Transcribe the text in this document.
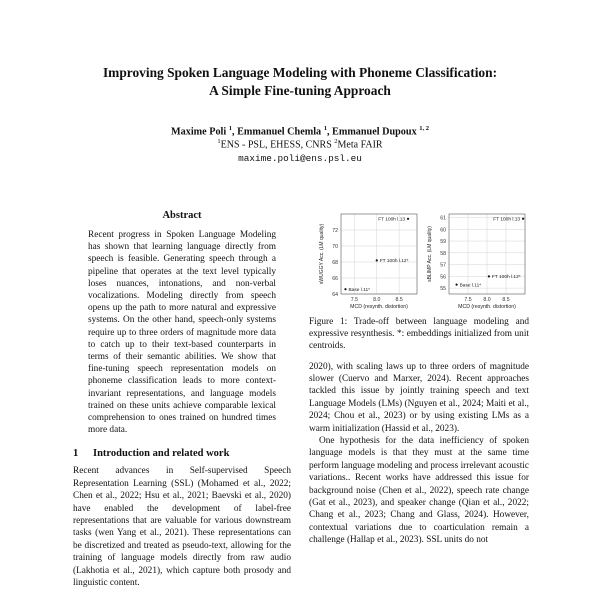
Improving Spoken Language Modeling with Phoneme Classification:
A Simple Fine-tuning Approach

Maxime Poli $^1$, Emmanuel Chemla $^1$, Emmanuel Dupoux $^{1, 2}$

$^1$ENS - PSL, EHESS, CNRS $^2$Meta FAIR
maxime.poli@ens.psl.eu

Abstract

Recent progress in Spoken Language Modeling has shown that learning language directly from speech is feasible. Generating speech through a pipeline that operates at the text level typically loses nuances, intonations, and non-verbal vocalizations. Modeling directly from speech opens up the path to more natural and expressive systems. On the other hand, speech-only systems require up to three orders of magnitude more data to catch up to their text-based counterparts in terms of their semantic abilities. We show that fine-tuning speech representation models on phoneme classification leads to more context-invariant representations, and language models trained on these units achieve comparable lexical comprehension to ones trained on hundred times more data.

1 Introduction and related work

Recent advances in Self-supervised Speech Representation Learning (SSL) (Mohamed et al., 2022; Chen et al., 2022; Hsu et al., 2021; Baevski et al., 2020) have enabled the development of label-free representations that are valuable for various downstream tasks (wen Yang et al., 2021). These representations can be discretized and treated as pseudo-text, allowing for the training of language models directly from raw audio (Lakhotia et al., 2021), which capture both prosody and linguistic content.

64
66
68
70
72
7.5	8.0	8.5
MCD (resynth. distortion)
sWUGGY Acc. (LM quality)
Base l.11*
FT 100h l.12*
FT 100h l.13
55
56
57
58
59
60
61
7.5 8.0 8.5
MCD (resynth. distortion)
sBLIMP Acc. (LM quality)
Base l.11*
FT 100h l.12*
FT 100h l.13

Figure 1: Trade-off between language modeling and expressive resynthesis. *: embeddings initialized from unit centroids.

2020), with scaling laws up to three orders of magnitude slower (Cuervo and Marxer, 2024). Recent approaches tackled this issue by jointly training speech and text Language Models (LMs) (Nguyen et al., 2024; Maiti et al., 2024; Chou et al., 2023) or by using existing LMs as a warm initialization (Hassid et al., 2023).

One hypothesis for the data inefficiency of spoken language models is that they must at the same time perform language modeling and process irrelevant acoustic variations.. Recent works have addressed this issue for background noise (Chen et al., 2022), speech rate change (Gat et al., 2023), and speaker change (Qian et al., 2022; Chang et al., 2023; Chang and Glass, 2024). However, contextual variations due to coarticulation remain a challenge (Hallap et al., 2023). SSL units do not
